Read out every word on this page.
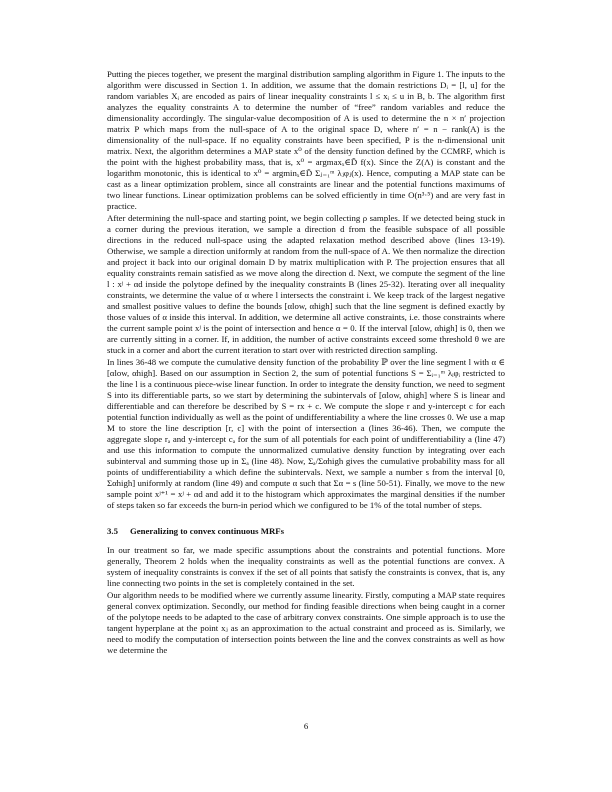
Putting the pieces together, we present the marginal distribution sampling algorithm in Figure 1. The inputs to the algorithm were discussed in Section 1. In addition, we assume that the domain restrictions Dᵢ = [l, u] for the random variables Xᵢ are encoded as pairs of linear inequality constraints l ≤ xᵢ ≤ u in B, b. The algorithm first analyzes the equality constraints A to determine the number of “free” random variables and reduce the dimensionality accordingly. The singular-value decomposition of A is used to determine the n × n′ projection matrix P which maps from the null-space of A to the original space D, where n′ = n − rank(A) is the dimensionality of the null-space. If no equality constraints have been specified, P is the n-dimensional unit matrix. Next, the algorithm determines a MAP state x⁰ of the density function defined by the CCMRF, which is the point with the highest probability mass, that is, x⁰ = argmaxₓ∈D̃ f(x). Since the Z(Λ) is constant and the logarithm monotonic, this is identical to x⁰ = argminₓ∈D̃ Σⱼ₌₁ᵐ λⱼφⱼ(x). Hence, computing a MAP state can be cast as a linear optimization problem, since all constraints are linear and the potential functions maximums of two linear functions. Linear optimization problems can be solved efficiently in time O(n³·⁵) and are very fast in practice.

After determining the null-space and starting point, we begin collecting ρ samples. If we detected being stuck in a corner during the previous iteration, we sample a direction d from the feasible subspace of all possible directions in the reduced null-space using the adapted relaxation method described above (lines 13-19). Otherwise, we sample a direction uniformly at random from the null-space of A. We then normalize the direction and project it back into our original domain D by matrix multiplication with P. The projection ensures that all equality constraints remain satisfied as we move along the direction d. Next, we compute the segment of the line l : xʲ + αd inside the polytope defined by the inequality constraints B (lines 25-32). Iterating over all inequality constraints, we determine the value of α where l intersects the constraint i. We keep track of the largest negative and smallest positive values to define the bounds [αlow, αhigh] such that the line segment is defined exactly by those values of α inside this interval. In addition, we determine all active constraints, i.e. those constraints where the current sample point xʲ is the point of intersection and hence α = 0. If the interval [αlow, αhigh] is 0, then we are currently sitting in a corner. If, in addition, the number of active constraints exceed some threshold θ we are stuck in a corner and abort the current iteration to start over with restricted direction sampling.

In lines 36-48 we compute the cumulative density function of the probability ℙ over the line segment l with α ∈ [αlow, αhigh]. Based on our assumption in Section 2, the sum of potential functions S = Σᵢ₌₁ᵐ λᵢφᵢ restricted to the line l is a continuous piece-wise linear function. In order to integrate the density function, we need to segment S into its differentiable parts, so we start by determining the subintervals of [αlow, αhigh] where S is linear and differentiable and can therefore be described by S = rx + c. We compute the slope r and y-intercept c for each potential function individually as well as the point of undifferentiability a where the line crosses 0. We use a map M to store the line description [r, c] with the point of intersection a (lines 36-46). Then, we compute the aggregate slope rₐ and y-intercept cₐ for the sum of all potentials for each point of undifferentiability a (line 47) and use this information to compute the unnormalized cumulative density function by integrating over each subinterval and summing those up in Σₐ (line 48). Now, Σₐ/Σαhigh gives the cumulative probability mass for all points of undifferentiability a which define the subintervals. Next, we sample a number s from the interval [0, Σαhigh] uniformly at random (line 49) and compute α such that Σα = s (line 50-51). Finally, we move to the new sample point xʲ⁺¹ = xʲ + αd and add it to the histogram which approximates the marginal densities if the number of steps taken so far exceeds the burn-in period which we configured to be 1% of the total number of steps.

3.5 Generalizing to convex continuous MRFs

In our treatment so far, we made specific assumptions about the constraints and potential functions. More generally, Theorem 2 holds when the inequality constraints as well as the potential functions are convex. A system of inequality constraints is convex if the set of all points that satisfy the constraints is convex, that is, any line connecting two points in the set is completely contained in the set.

Our algorithm needs to be modified where we currently assume linearity. Firstly, computing a MAP state requires general convex optimization. Secondly, our method for finding feasible directions when being caught in a corner of the polytope needs to be adapted to the case of arbitrary convex constraints. One simple approach is to use the tangent hyperplane at the point xⱼ as an approximation to the actual constraint and proceed as is. Similarly, we need to modify the computation of intersection points between the line and the convex constraints as well as how we determine the

6
